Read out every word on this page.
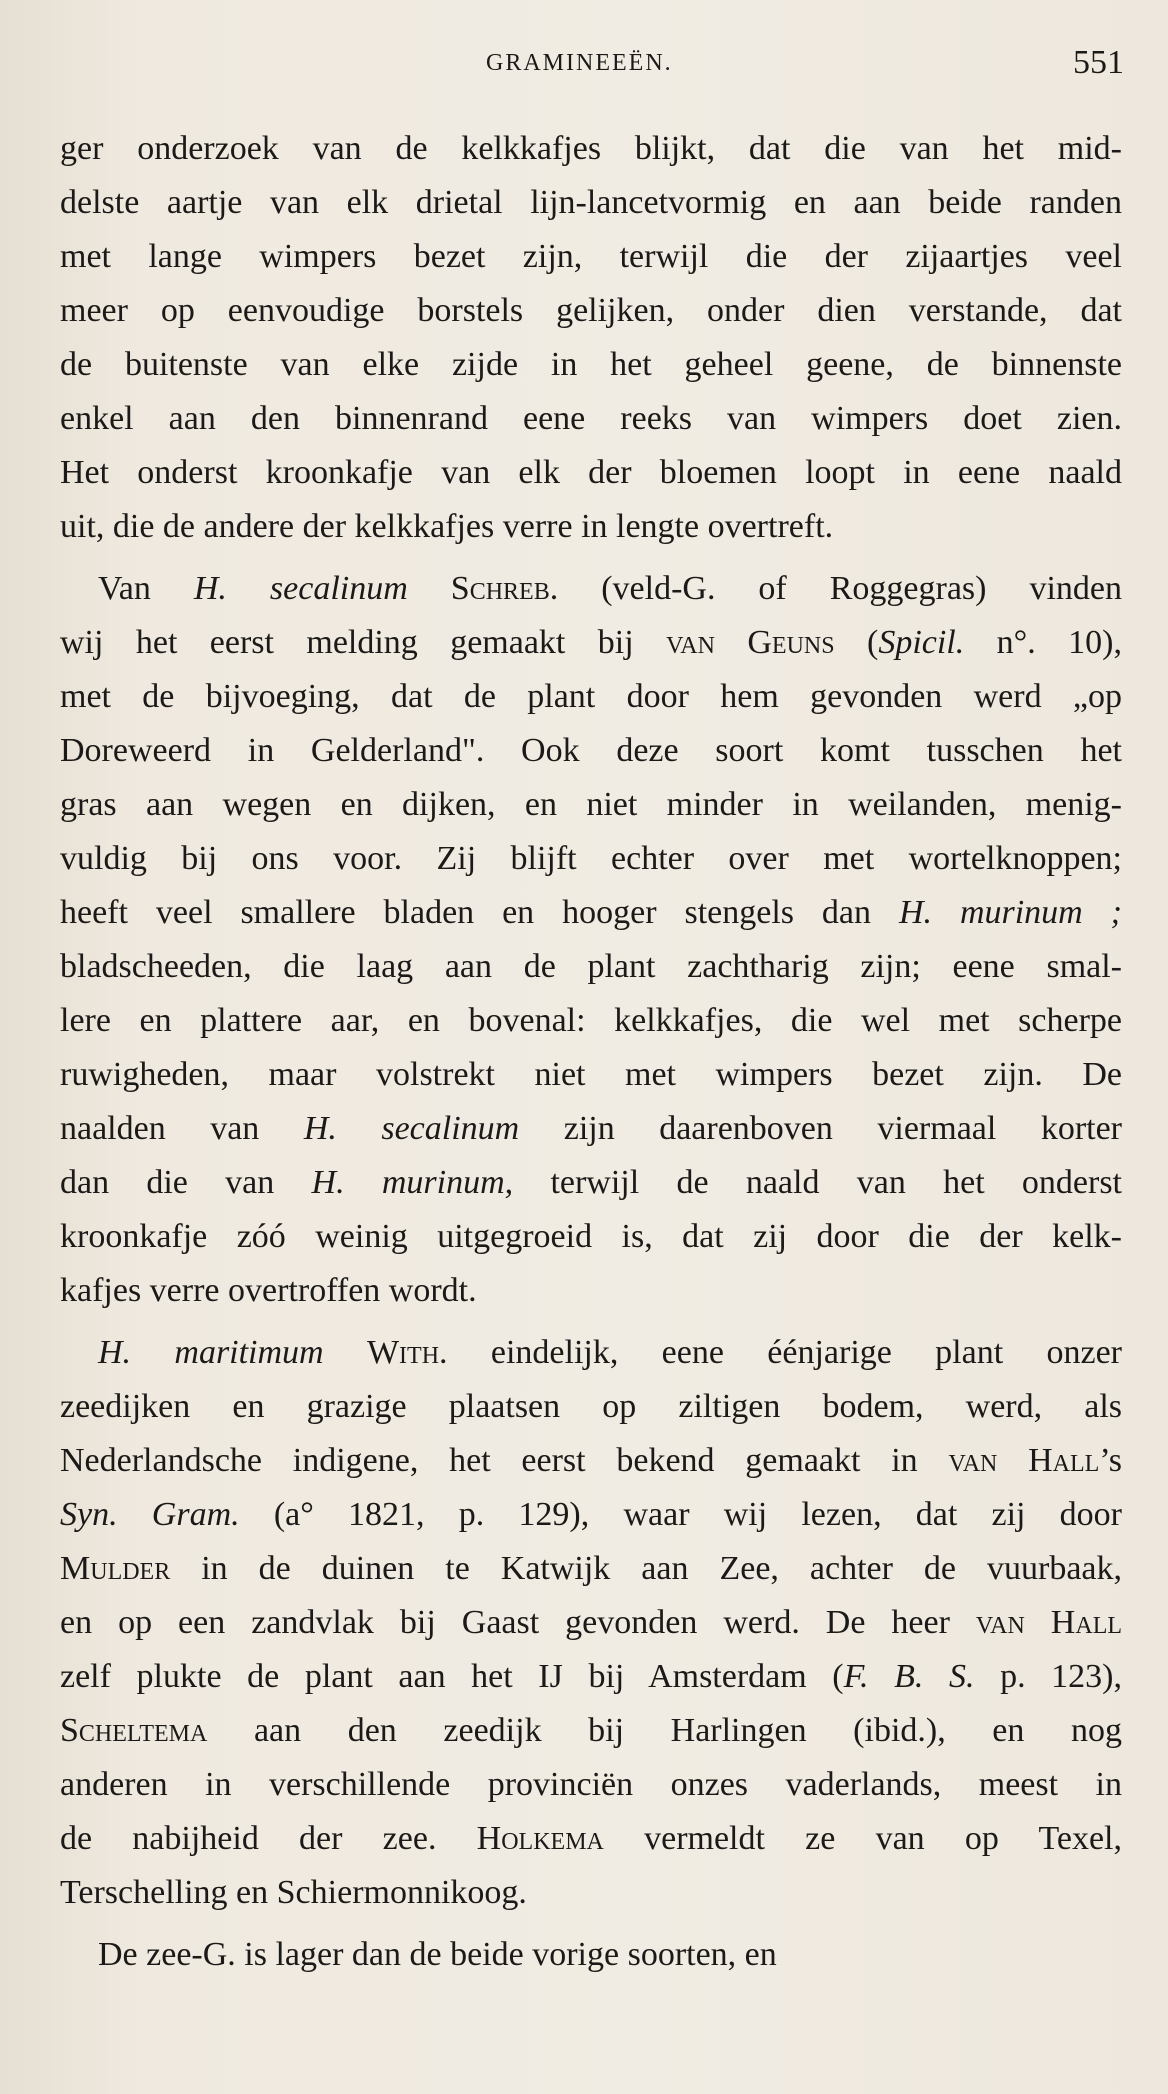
GRAMINEEËN.	551
ger onderzoek van de kelkkafjes blijkt, dat die van het mid-
delste aartje van elk drietal lijn-lancetvormig en aan beide randen
met lange wimpers bezet zijn, terwijl die der zijaartjes veel
meer op eenvoudige borstels gelijken, onder dien verstande, dat
de buitenste van elke zijde in het geheel geene, de binnenste
enkel aan den binnenrand eene reeks van wimpers doet zien.
Het onderst kroonkafje van elk der bloemen loopt in eene naald
uit, die de andere der kelkkafjes verre in lengte overtreft.
Van H. secalinum Schreb. (veld-G. of Roggegras) vinden
wij het eerst melding gemaakt bij van Geuns (Spicil. n°. 10),
met de bijvoeging, dat de plant door hem gevonden werd „op
Doreweerd in Gelderland". Ook deze soort komt tusschen het
gras aan wegen en dijken, en niet minder in weilanden, menig-
vuldig bij ons voor. Zij blijft echter over met wortelknoppen;
heeft veel smallere bladen en hooger stengels dan H. murinum ;
bladscheeden, die laag aan de plant zachtharig zijn; eene smal-
lere en plattere aar, en bovenal: kelkkafjes, die wel met scherpe
ruwigheden, maar volstrekt niet met wimpers bezet zijn. De
naalden van H. secalinum zijn daarenboven viermaal korter
dan die van H. murinum, terwijl de naald van het onderst
kroonkafje zóó weinig uitgegroeid is, dat zij door die der kelk-
kafjes verre overtroffen wordt.
H. maritimum With. eindelijk, eene éénjarige plant onzer
zeedijken en grazige plaatsen op ziltigen bodem, werd, als
Nederlandsche indigene, het eerst bekend gemaakt in van Hall’s
Syn. Gram. (a° 1821, p. 129), waar wij lezen, dat zij door
Mulder in de duinen te Katwijk aan Zee, achter de vuurbaak,
en op een zandvlak bij Gaast gevonden werd. De heer van Hall
zelf plukte de plant aan het IJ bij Amsterdam (F. B. S. p. 123),
Scheltema aan den zeedijk bij Harlingen (ibid.), en nog
anderen in verschillende provinciën onzes vaderlands, meest in
de nabijheid der zee. Holkema vermeldt ze van op Texel,
Terschelling en Schiermonnikoog.
De zee-G. is lager dan de beide vorige soorten, en
